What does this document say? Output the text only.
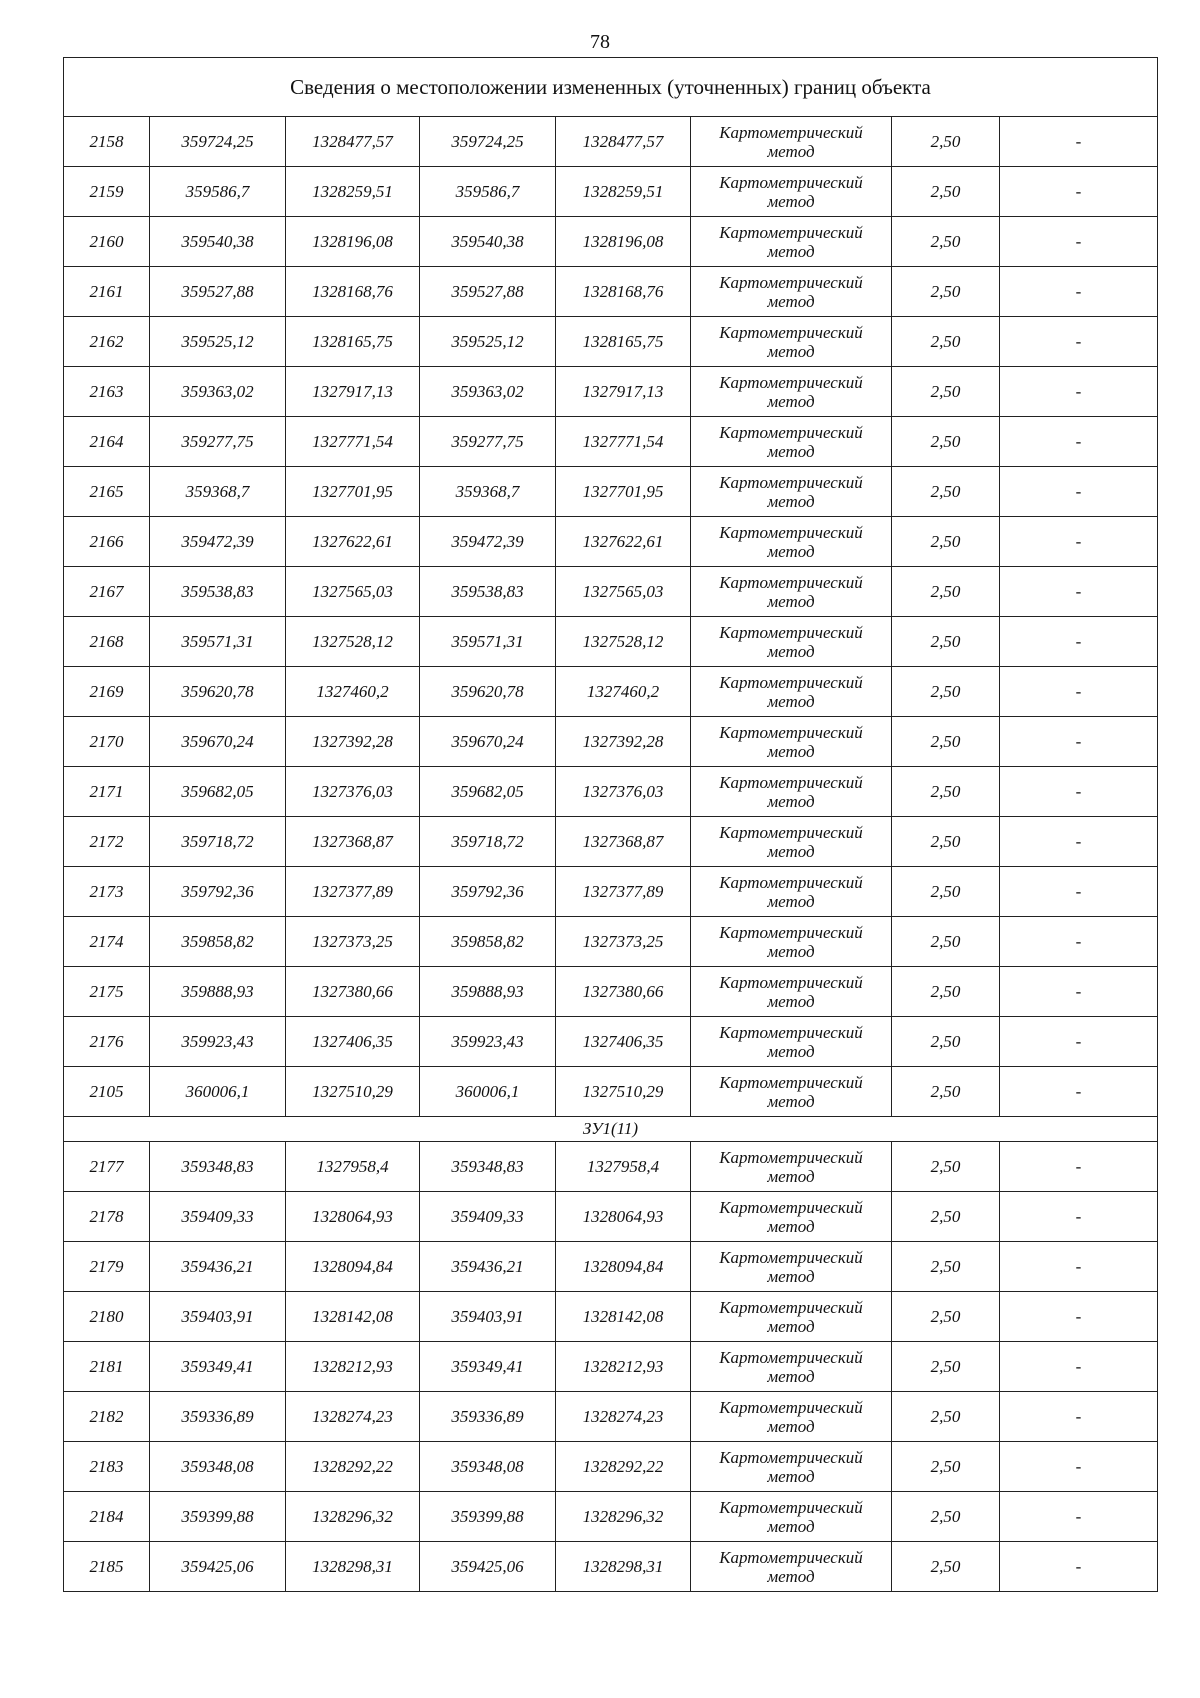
78
Сведения о местоположении измененных (уточненных) границ объекта							
2158	359724,25	1328477,57	359724,25	1328477,57	Картометрический
метод	2,50	-
2159	359586,7	1328259,51	359586,7	1328259,51	Картометрический
метод	2,50	-
2160	359540,38	1328196,08	359540,38	1328196,08	Картометрический
метод	2,50	-
2161	359527,88	1328168,76	359527,88	1328168,76	Картометрический
метод	2,50	-
2162	359525,12	1328165,75	359525,12	1328165,75	Картометрический
метод	2,50	-
2163	359363,02	1327917,13	359363,02	1327917,13	Картометрический
метод	2,50	-
2164	359277,75	1327771,54	359277,75	1327771,54	Картометрический
метод	2,50	-
2165	359368,7	1327701,95	359368,7	1327701,95	Картометрический
метод	2,50	-
2166	359472,39	1327622,61	359472,39	1327622,61	Картометрический
метод	2,50	-
2167	359538,83	1327565,03	359538,83	1327565,03	Картометрический
метод	2,50	-
2168	359571,31	1327528,12	359571,31	1327528,12	Картометрический
метод	2,50	-
2169	359620,78	1327460,2	359620,78	1327460,2	Картометрический
метод	2,50	-
2170	359670,24	1327392,28	359670,24	1327392,28	Картометрический
метод	2,50	-
2171	359682,05	1327376,03	359682,05	1327376,03	Картометрический
метод	2,50	-
2172	359718,72	1327368,87	359718,72	1327368,87	Картометрический
метод	2,50	-
2173	359792,36	1327377,89	359792,36	1327377,89	Картометрический
метод	2,50	-
2174	359858,82	1327373,25	359858,82	1327373,25	Картометрический
метод	2,50	-
2175	359888,93	1327380,66	359888,93	1327380,66	Картометрический
метод	2,50	-
2176	359923,43	1327406,35	359923,43	1327406,35	Картометрический
метод	2,50	-
2105	360006,1	1327510,29	360006,1	1327510,29	Картометрический
метод	2,50	-
ЗУ1(11)							
2177	359348,83	1327958,4	359348,83	1327958,4	Картометрический
метод	2,50	-
2178	359409,33	1328064,93	359409,33	1328064,93	Картометрический
метод	2,50	-
2179	359436,21	1328094,84	359436,21	1328094,84	Картометрический
метод	2,50	-
2180	359403,91	1328142,08	359403,91	1328142,08	Картометрический
метод	2,50	-
2181	359349,41	1328212,93	359349,41	1328212,93	Картометрический
метод	2,50	-
2182	359336,89	1328274,23	359336,89	1328274,23	Картометрический
метод	2,50	-
2183	359348,08	1328292,22	359348,08	1328292,22	Картометрический
метод	2,50	-
2184	359399,88	1328296,32	359399,88	1328296,32	Картометрический
метод	2,50	-
2185	359425,06	1328298,31	359425,06	1328298,31	Картометрический
метод	2,50	-
